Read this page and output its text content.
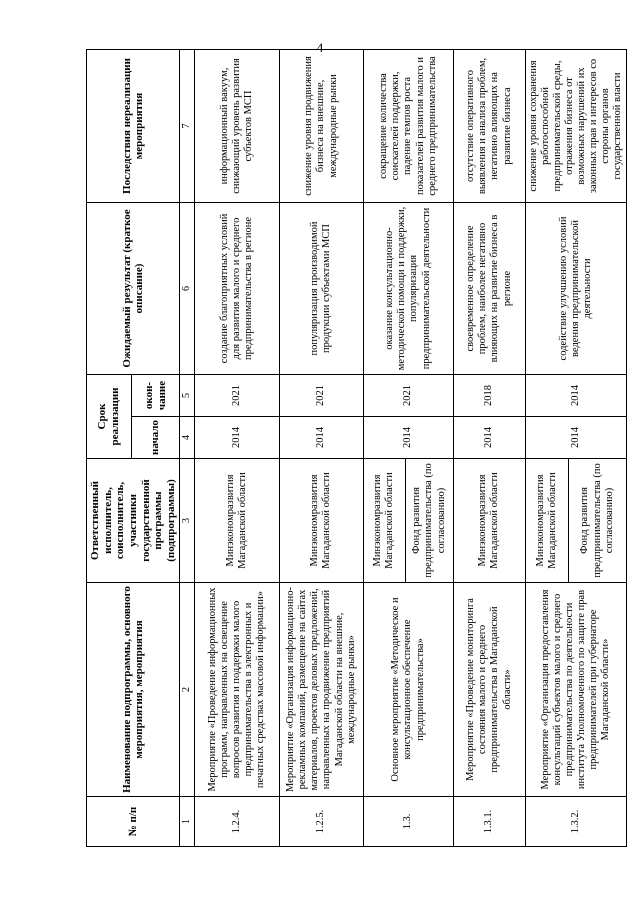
4
№ п/п	Наименование подпрограммы, основного мероприятия, мероприятия	Ответственный исполнитель, соисполнитель, участники государственной программы (подпрограммы)	Срок реализации		Ожидаемый результат (краткое описание)	Последствия нереализации мероприятия
			начало	окон-чание		
1	2	3	4	5	6	7
1.2.4.	Мероприятие «Проведение информационных программ, направленных на освещение вопросов развития и поддержки малого предпринимательства в электронных и печатных средствах массовой информации»	Минэкономразвития Магаданской области	2014	2021	создание благоприятных условий для развития малого и среднего предпринимательства в регионе	информационный вакуум, снижающий уровень развития субъектов МСП
1.2.5.	Мероприятие «Организация информационно-рекламных компаний, размещение на сайтах материалов, проектов деловых предложений, направленных на продвижение предприятий Магаданской области на внешние, международные рынки»	Минэкономразвития Магаданской области	2014	2021	популяризация производимой продукции субъектами МСП	снижение уровня продвижения бизнеса на внешние, международные рынки
1.3.	Основное мероприятие «Методическое и консультационное обеспечение предпринимательства»	Минэкономразвития Магаданской области	2014	2021	оказание консультационно-методической помощи и поддержки, популяризация предпринимательской деятельности	сокращение количества соискателей поддержки, падение темпов роста показателей развития малого и среднего предпринимательства
		Фонд развития предпринимательства (по согласованию)				
1.3.1.	Мероприятие «Проведение мониторинга состояния малого и среднего предпринимательства в Магаданской области»	Минэкономразвития Магаданской области	2014	2018	своевременное определение проблем, наиболее негативно влияющих на развитие бизнеса в регионе	отсутствие оперативного выявления и анализа проблем, негативно влияющих на развитие бизнеса
1.3.2.	Мероприятие «Организация предоставления консультаций субъектов малого и среднего предпринимательства по деятельности института Уполномоченного по защите прав предпринимателей при губернаторе Магаданской области»	Минэкономразвития Магаданской области	2014	2014	содействие улучшению условий ведения предпринимательской деятельности	снижение уровня сохранения работоспособной предпринимательской среды, отражения бизнеса от возможных нарушений их законных прав и интересов со стороны органов государственной власти
		Фонд развития предпринимательства (по согласованию)				
